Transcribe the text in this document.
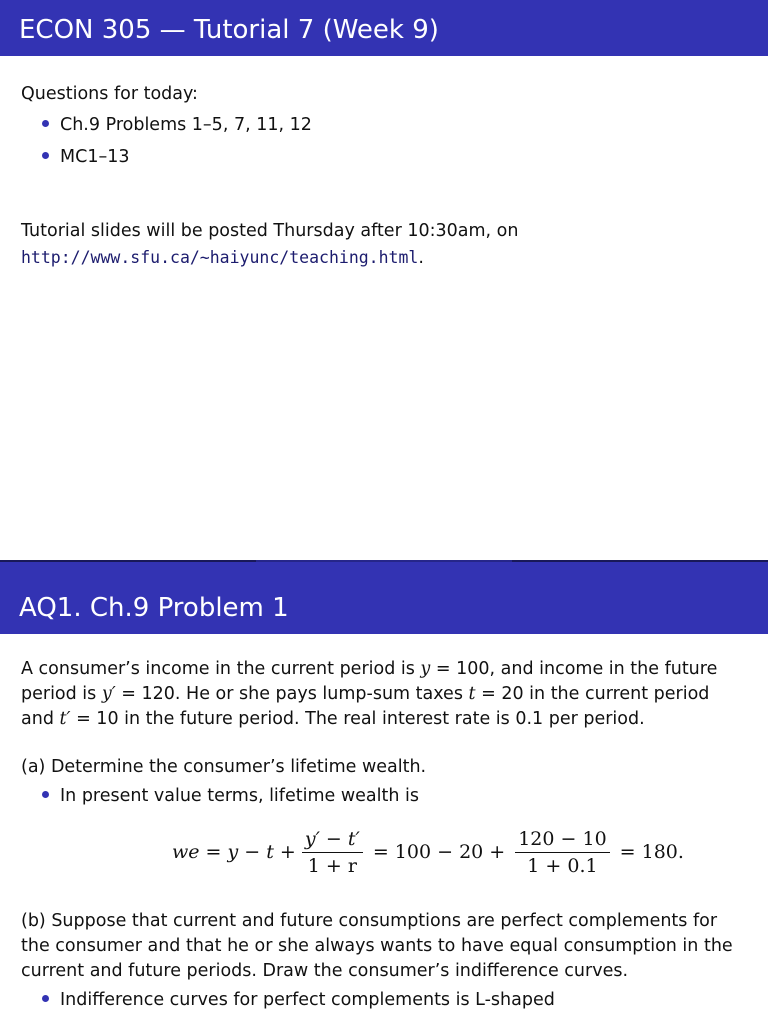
ECON 305 — Tutorial 7 (Week 9)

Questions for today:

Ch.9 Problems 1–5, 7, 11, 12

MC1–13

Tutorial slides will be posted Thursday after 10:30am, on

http://www.sfu.ca/~haiyunc/teaching.html.

AQ1. Ch.9 Problem 1

A consumer’s income in the current period is y = 100, and income in the future

period is y′ = 120. He or she pays lump-sum taxes t = 20 in the current period

and t′ = 10 in the future period. The real interest rate is 0.1 per period.

(a) Determine the consumer’s lifetime wealth.

In present value terms, lifetime wealth is

we = $y - t + \frac{y' - t'}{1 + r} = 100 - 20 + \frac{120 - 10}{1 + 0.1} = 180$.

(b) Suppose that current and future consumptions are perfect complements for

the consumer and that he or she always wants to have equal consumption in the

current and future periods. Draw the consumer’s indifference curves.

Indifference curves for perfect complements is L-shaped
